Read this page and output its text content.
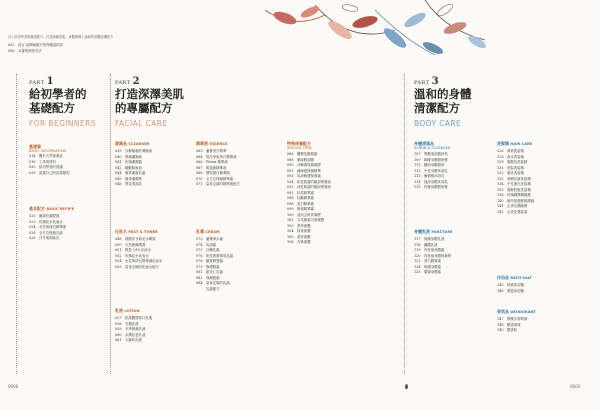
自 | 給初學者的精油配方；打造深層美肌；身體保養 | 溫和的身體清潔配方
002 前言 給開始做天然保養品的你
008 本書的使用方法
PART 1
給初學者的
基礎配方
FOR BEGINNERS
基礎篇
BASIC INFORMATION
014 關於天然保養品
016 工具與材料
030 給初學者的建議
035 認識自己的皮膚類型
基本配方 BASIC RECIPE
020 藤茶籽凝膠面
022 玫瑰花水化妝水
024 水性荷荷巴精華液
026 全方位保濕乳液
028 洋甘菊卸妝乳
PART 2
打造深澤美肌
的專屬配方
FACIAL CARE
潔顏品 CLEANSER
039 沙棘凝霜籽潔顏油
040 保濕潔顏油
041 玫瑰潔顏露
042 翻敷卸妝油
044 綠茶潔膚乳霜
045 綠茶潔顏膏
046 黑炭洗面乳
化妝水 MIST & TONER
048 德國洋甘菊花水噴霧
050 天然保濕噴霧
051 輕盈 Q10 化妝水
052 玫瑰花水化妝水
054 水性專清皂暨保濕化妝水
055 量身定做的化妝水配方
乳液 LOTION
057 松果體膠原口乳液
058 石榴乳液
059 冬季保濕乳液
060 水潤抗老乳液
061 大麻籽乳液
精華液 ESSENCE
063 蘆薈美白精華
064 短纹萃取美白精華液
066 Pitera 精華液
067 明星級精華液
068 膠原蛋白精華液
070 全方位保濕精華液
071 量身定做的精華液配方
乳霜 CREAM
073 蘆薈保水霜
074 馬油霜
075 沙棘乳霜
076 乾性肌膚專用乳霜
078 鐵質修護霜
079 修護眼霜
081 甜杏仁乳霜
082 保濕眼霜
084 量身定做的乳液、
乳霜配方
特殊保養配方
SPECIAL ITEM
086 醣糖花酸凝霜
088 紫绿腮面膜
090 沙棘膚保濕凝膠
091 絲線膚保濕精華
093 馬油修護保養霜
094 乾性肌膚的臉部保養油
095 油性肌膚的臉部保養油
092 抗痘精華霜
096 抗皺精華霜
098 美白精華霜
099 修復精華霜
100 清涼去角質凝膠
102 木瓜酵素內營凝膠
103 燕麥面膜
104 抹茶面膜
105 燕麥面膜
106 杏桃面膜
PART 3
溫和的身體
清潔配方
BODY CARE
身體清潔品
SCRUB & CLEANSER
107 黑糖泡泡磨砂皂
109 咖啡身體磨砂膏
111 鹽粉身體磨砂
112 中性身體沐浴乳
113 葡萄柚沐浴乳
114 純淨身體沐浴乳
115 玫瑰身體磨砂膏
身體乳液 MOISTURE
117 保濕身體乳液
118 纖體乳液
119 肉桂風身體霜
120 肉桂風身體保養膏
121 美白潤膚霜
124 保濕身體霜
125 緊緻身體霜
洗髮精 HAIR CARE
126 薄荷洗髮精
128 香水洗髮精
129 胺酸抗洗髮精
131 頂髮洗髮精
132 頭皮洗髮精
133 茶樹抗屑洗髮精
134 中性蛋白洗髮精
135 強韌防脫洗髮精
138 玫瑰潤澤潤絲精
140 胺甲基蛋酵酸護絲
141 山茶花潤絲精
143 山茶花護髮素
沐浴品 BATH SALT
145 舒緩沐浴鹽
146 蔘菱沐浴鹽
香氛品 DEODORANT
147 檸檬芳香噴霧
148 體香固味
149 體香粉
0006	0005
